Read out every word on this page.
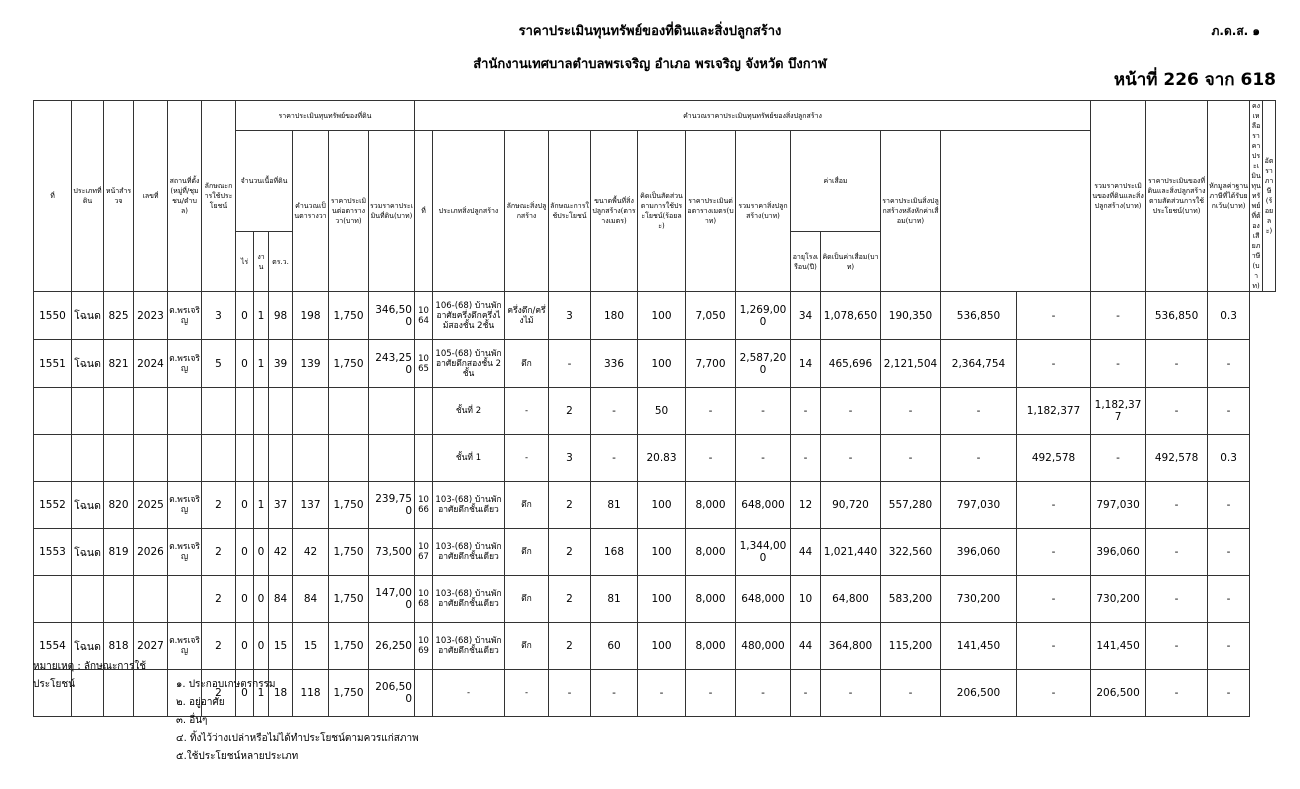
ราคาประเมินทุนทรัพย์ของที่ดินและสิ่งปลูกสร้าง
สำนักงานเทศบาลตำบลพรเจริญ อำเภอ พรเจริญ จังหวัด บึงกาฬ
ภ.ด.ส. ๑
หน้าที่ 226 จาก 618
ที่	ประเภทที่ดิน	หน้าสำรวจ	เลขที่	สถานที่ตั้ง(หมู่ที่/ชุมชน/ตำบล)	ลักษณะการใช้ประโยชน์	ราคาประเมินทุนทรัพย์ของที่ดิน						คำนวณราคาประเมินทุนทรัพย์ของสิ่งปลูกสร้าง													รวมราคาประเมินของที่ดินและสิ่งปลูกสร้าง(บาท)	ราคาประเมินของที่ดินและสิ่งปลูกสร้างตามสัดส่วนการใช้ประโยชน์(บาท)	หักมูลค่าฐานภาษีที่ได้รับยกเว้น(บาท)	คงเหลือราคาประเมินทุนทรัพย์ที่ต้องเสียภาษี(บาท)	อัตราภาษี(ร้อยละ)
						จำนวนเนื้อที่ดิน			คำนวณเป็นตารางวา	ราคาประเมินต่อตารางวา(บาท)	รวมราคาประเมินที่ดิน(บาท)	ที่	ประเภทสิ่งปลูกสร้าง	ลักษณะสิ่งปลูกสร้าง	ลักษณะการใช้ประโยชน์	ขนาดพื้นที่สิ่งปลูกสร้าง(ตารางเมตร)	คิดเป็นสัดส่วนตามการใช้ประโยชน์(ร้อยละ)	ราคาประเมินต่อตารางเมตร(บาท)	รวมราคาสิ่งปลูกสร้าง(บาท)	ค่าเสื่อม		ราคาประเมินสิ่งปลูกสร้างหลังหักค่าเสื่อม(บาท)							
						ไร่	งาน	ตร.ว.												อายุโรงเรือน(ปี)	คิดเป็นค่าเสื่อม(บาท)								
1550	โฉนด	825	2023	ต.พรเจริญ	3	0	1	98	198	1,750	346,500	1064	106-(68) บ้านพักอาศัยครึ่งตึกครึ่งไม้สองชั้น 2ชั้น	ครึ่งตึก/ครึ่งไม้	3	180	100	7,050	1,269,000	34	1,078,650	190,350	536,850	-	-	536,850	0.3		
1551	โฉนด	821	2024	ต.พรเจริญ	5	0	1	39	139	1,750	243,250	1065	105-(68) บ้านพักอาศัยตึกสองชั้น 2ชั้น	ตึก	-	336	100	7,700	2,587,200	14	465,696	2,121,504	2,364,754	-	-	-	-		
													ชั้นที่ 2	-	2	-	50	-	-	-	-	-	-	1,182,377	1,182,377	-	-		
													ชั้นที่ 1	-	3	-	20.83	-	-	-	-	-	-	492,578	-	492,578	0.3		
1552	โฉนด	820	2025	ต.พรเจริญ	2	0	1	37	137	1,750	239,750	1066	103-(68) บ้านพักอาศัยตึกชั้นเดียว	ตึก	2	81	100	8,000	648,000	12	90,720	557,280	797,030	-	797,030	-	-		
1553	โฉนด	819	2026	ต.พรเจริญ	2	0	0	42	42	1,750	73,500	1067	103-(68) บ้านพักอาศัยตึกชั้นเดียว	ตึก	2	168	100	8,000	1,344,000	44	1,021,440	322,560	396,060	-	396,060	-	-		
					2	0	0	84	84	1,750	147,000	1068	103-(68) บ้านพักอาศัยตึกชั้นเดียว	ตึก	2	81	100	8,000	648,000	10	64,800	583,200	730,200	-	730,200	-	-		
1554	โฉนด	818	2027	ต.พรเจริญ	2	0	0	15	15	1,750	26,250	1069	103-(68) บ้านพักอาศัยตึกชั้นเดียว	ตึก	2	60	100	8,000	480,000	44	364,800	115,200	141,450	-	141,450	-	-		
					2	0	1	18	118	1,750	206,500		-	-	-	-	-	-	-	-	-	-	206,500	-	206,500	-	-		
หมายเหตุ : ลักษณะการใช้ประโยชน์	๑. ประกอบเกษตรกรรม
๒. อยู่อาศัย
๓. อื่นๆ
๔. ทิ้งไว้ว่างเปล่าหรือไม่ได้ทำประโยชน์ตามควรแก่สภาพ
๕.ใช้ประโยชน์หลายประเภท
